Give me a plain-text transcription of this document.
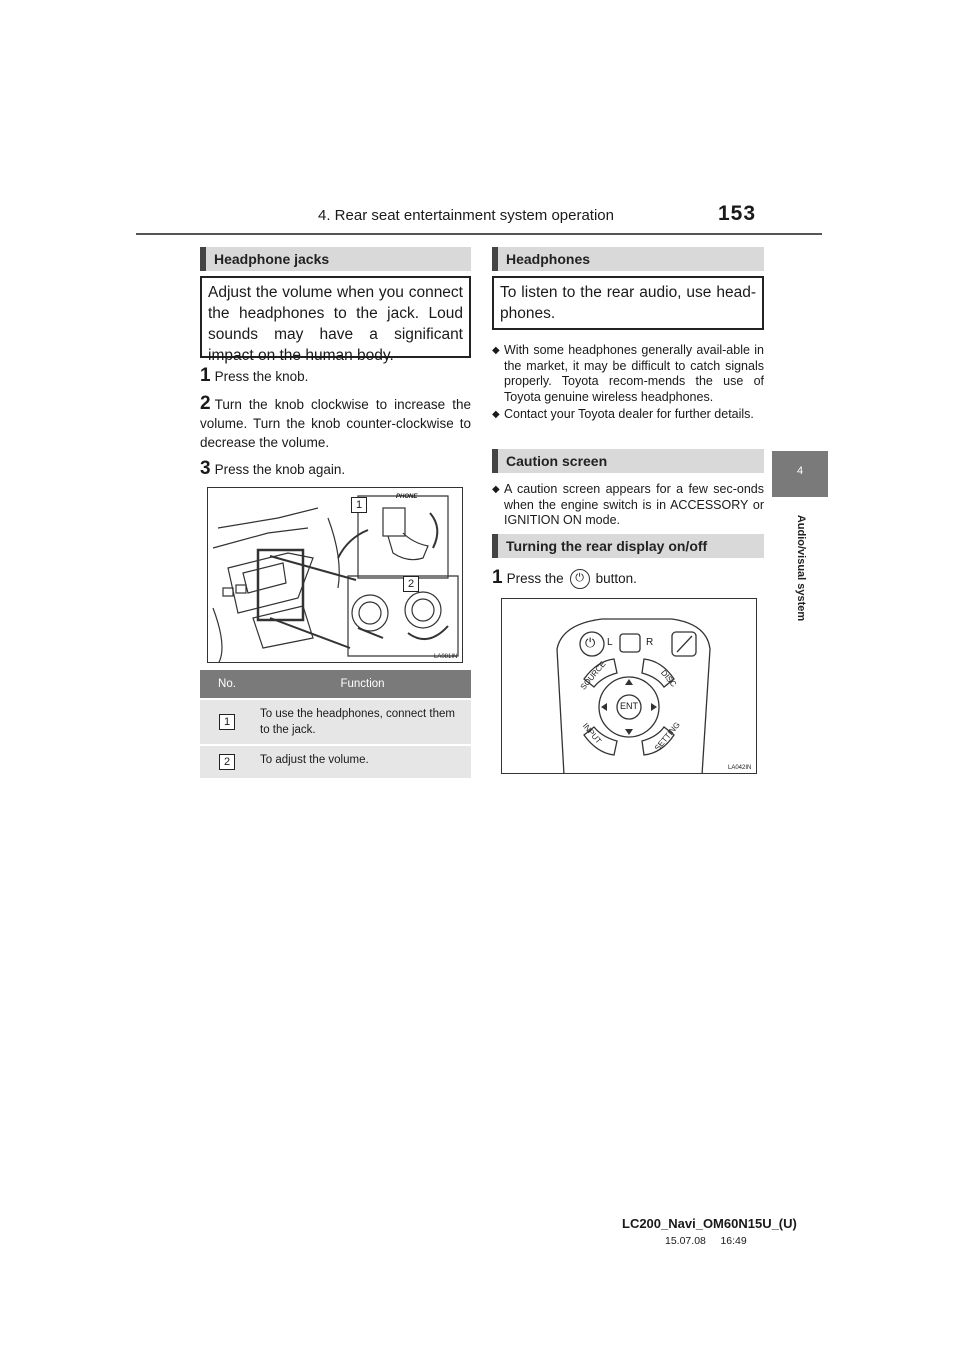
4. Rear seat entertainment system operation	153
4
Audio/visual system
Headphone jacks
Adjust the volume when you connect the headphones to the jack. Loud sounds may have a significant impact on the human body.
1 Press the knob.
2 Turn the knob clockwise to increase the volume. Turn the knob counter-clockwise to decrease the volume.
3 Press the knob again.
1
2
PHONE
LA081IN
No.	Function
1	To use the headphones, connect them to the jack.
2	To adjust the volume.
Headphones
To listen to the rear audio, use head-phones.
◆ With some headphones generally avail-able in the market, it may be difficult to catch signals properly. Toyota recom-mends the use of Toyota genuine wireless headphones.
◆ Contact your Toyota dealer for further details.
Caution screen
◆ A caution screen appears for a few sec-onds when the engine switch is in ACCESSORY or IGNITION ON mode.
Turning the rear display on/off
1 Press the ⏻ button.
⏻ L	R
SOURCE	DISC
INPUT	SETTING
ENT
LA042IN
LC200_Navi_OM60N15U_(U)
15.07.08     16:49
